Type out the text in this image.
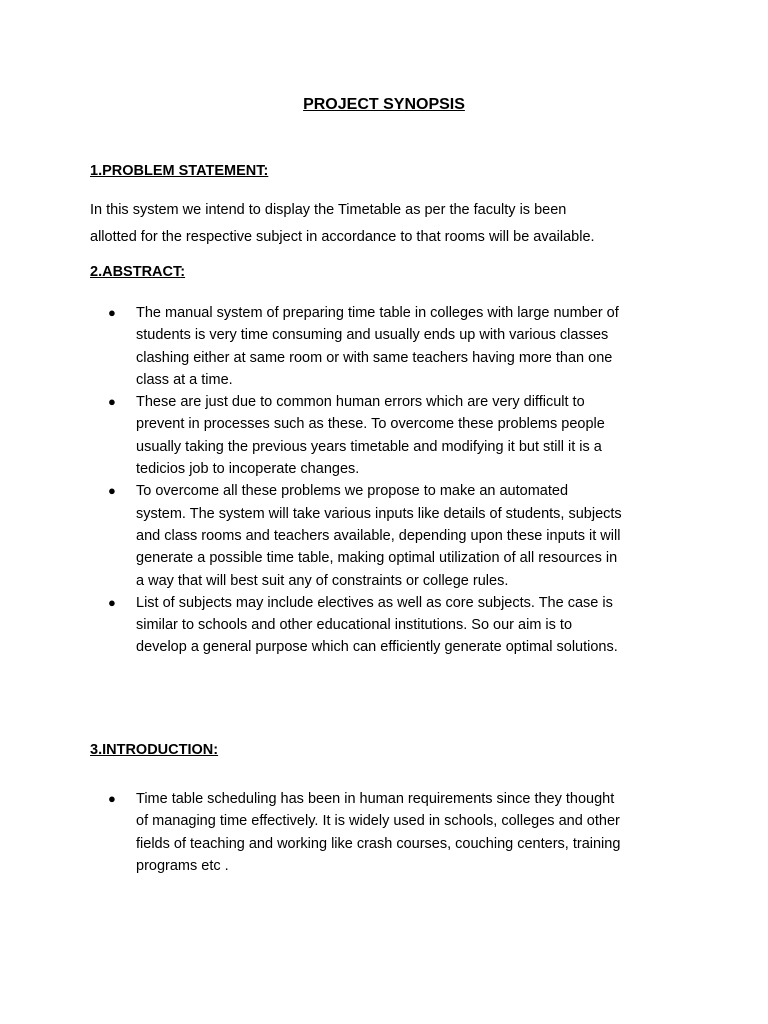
PROJECT SYNOPSIS
1.PROBLEM STATEMENT:
In this system we intend to display the Timetable as per the faculty is been
allotted for the respective subject in accordance to that rooms will be available.
2.ABSTRACT:
●	The manual system of preparing time table in colleges with large number of
students is very time consuming and usually ends up with various classes
clashing either at same room or with same teachers having more than one
class at a time.
●	These are just due to common human errors which are very difficult to
prevent in processes such as these. To overcome these problems people
usually taking the previous years timetable and modifying it but still it is a
tedicios job to incoperate changes.
●	To overcome all these problems we propose to make an automated
system. The system will take various inputs like details of students, subjects
and class rooms and teachers available, depending upon these inputs it will
generate a possible time table, making optimal utilization of all resources in
a way that will best suit any of constraints or college rules.
●	List of subjects may include electives as well as core subjects. The case is
similar to schools and other educational institutions. So our aim is to
develop a general purpose which can efficiently generate optimal solutions.
3.INTRODUCTION:
●	Time table scheduling has been in human requirements since they thought
of managing time effectively. It is widely used in schools, colleges and other
fields of teaching and working like crash courses, couching centers, training
programs etc .
